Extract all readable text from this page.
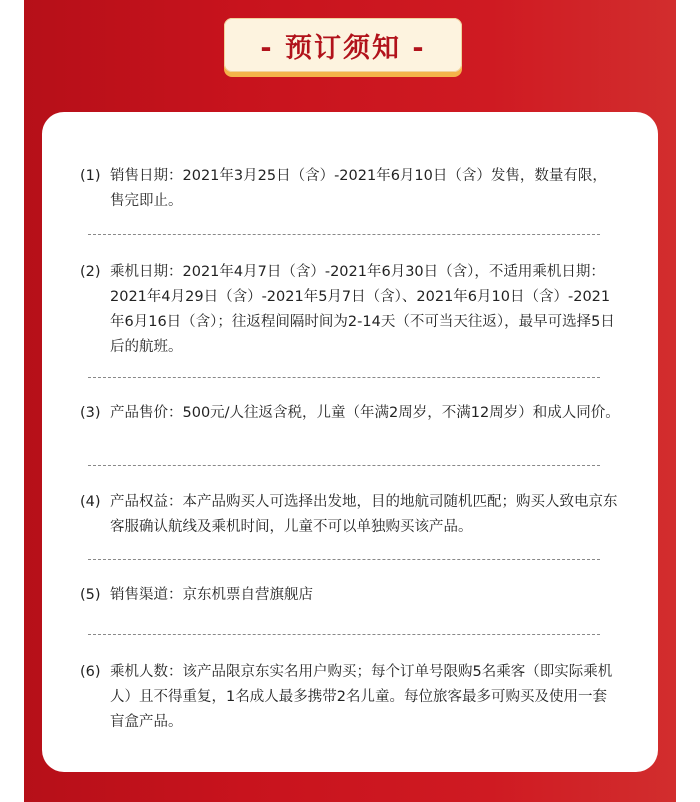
- 预订须知 -
(1) 销售日期：2021年3月25日（含）-2021年6月10日（含）发售，数量有限，售完即止。
(2) 乘机日期：2021年4月7日（含）-2021年6月30日（含），不适用乘机日期：2021年4月29日（含）-2021年5月7日（含）、2021年6月10日（含）-2021年6月16日（含）；往返程间隔时间为2-14天（不可当天往返），最早可选择5日后的航班。
(3) 产品售价：500元/人往返含税，儿童（年满2周岁，不满12周岁）和成人同价。
(4) 产品权益：本产品购买人可选择出发地，目的地航司随机匹配；购买人致电京东客服确认航线及乘机时间，儿童不可以单独购买该产品。
(5) 销售渠道：京东机票自营旗舰店
(6) 乘机人数：该产品限京东实名用户购买；每个订单号限购5名乘客（即实际乘机人）且不得重复，1名成人最多携带2名儿童。每位旅客最多可购买及使用一套盲盒产品。
